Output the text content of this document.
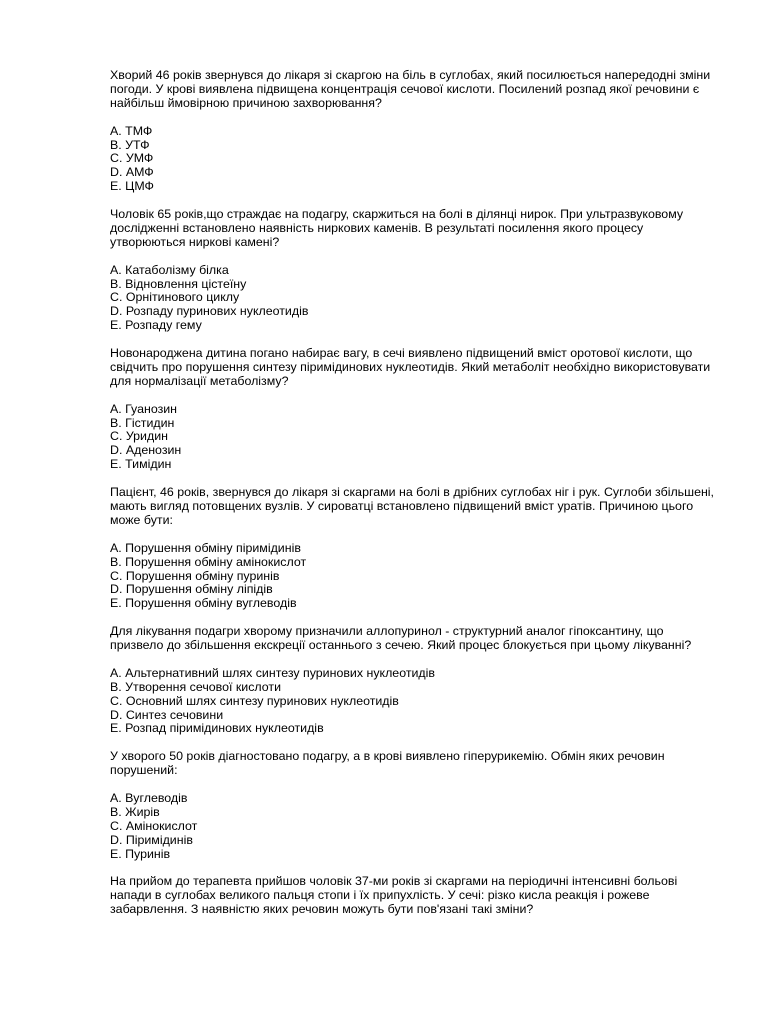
Хворий 46 років звернувся до лікаря зі скаргою на біль в суглобах, який посилюється напередодні зміни погоди. У крові виявлена підвищена концентрація сечової кислоти. Посилений розпад якої речовини є найбільш ймовірною причиною захворювання?

A. ТМФ
B. УТФ
C. УМФ
D. АМФ
E. ЦМФ

Чоловік 65 років,що страждає на подагру, скаржиться на болі в ділянці нирок. При ультразвуковому дослідженні встановлено наявність ниркових каменів. В результаті посилення якого процесу утворюються ниркові камені?

A. Катаболізму білка
B. Відновлення цістеїну
C. Орнітинового циклу
D. Розпаду пуринових нуклеотидів
E. Розпаду гему

Новонароджена дитина погано набирає вагу, в сечі виявлено підвищений вміст оротової кислоти, що свідчить про порушення синтезу піримідинових нуклеотидів. Який метаболіт необхідно використовувати для нормалізації метаболізму?

A. Гуанозин
B. Гістидин
C. Уридин
D. Аденозин
E. Тимідин

Пацієнт, 46 років, звернувся до лікаря зі скаргами на болі в дрібних суглобах ніг і рук. Суглоби збільшені, мають вигляд потовщених вузлів. У сироватці встановлено підвищений вміст уратів. Причиною цього може бути:

A. Порушення обміну піримідинів
B. Порушення обміну амінокислот
C. Порушення обміну пуринів
D. Порушення обміну ліпідів
E. Порушення обміну вуглеводів

Для лікування подагри хворому призначили аллопуринол - структурний аналог гіпоксантину, що призвело до збільшення екскреції останнього з сечею. Який процес блокується при цьому лікуванні?

A. Альтернативний шлях синтезу пуринових нуклеотидів
B. Утворення сечової кислоти
C. Основний шлях синтезу пуринових нуклеотидів
D. Синтез сечовини
E. Розпад піримідинових нуклеотидів

У хворого 50 років діагностовано подагру, а в крові виявлено гіперурикемію. Обмін яких речовин порушений:

A. Вуглеводів
B. Жирів
C. Амінокислот
D. Піримідинів
E. Пуринів

На прийом до терапевта прийшов чоловік 37-ми років зі скаргами на періодичні інтенсивні больові напади в суглобах великого пальця стопи і їх припухлість. У сечі: різко кисла реакція і рожеве забарвлення. З наявністю яких речовин можуть бути пов'язані такі зміни?
